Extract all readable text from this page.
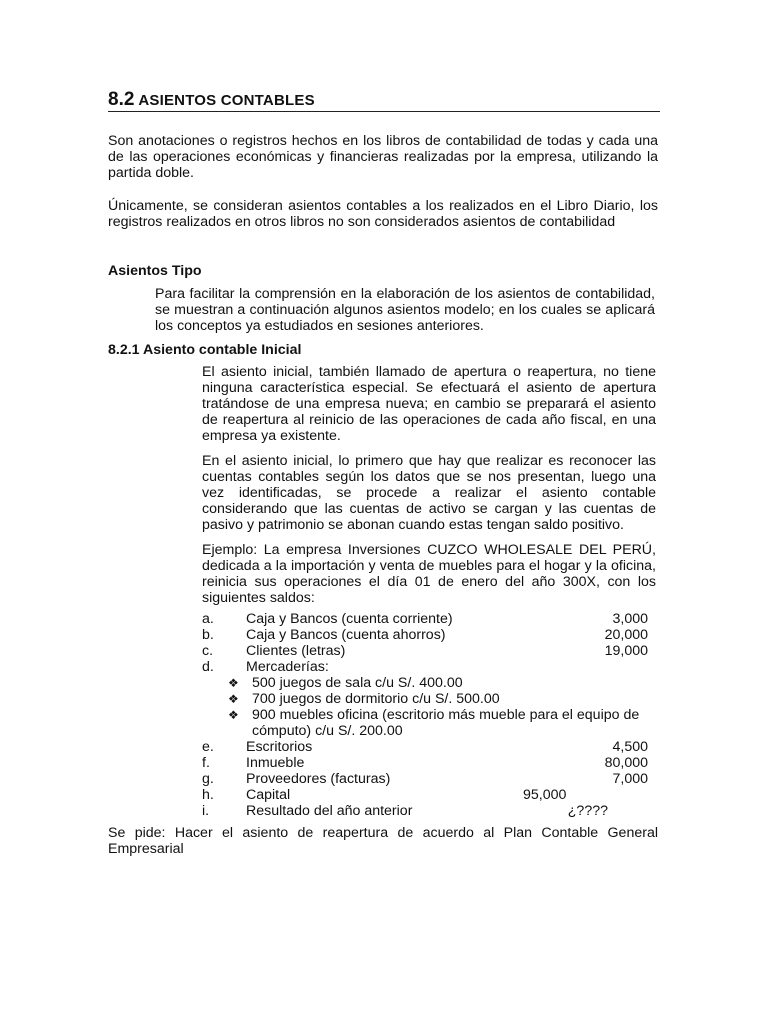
8.2 ASIENTOS CONTABLES
Son anotaciones o registros hechos en los libros de contabilidad de todas y cada una de las operaciones económicas y financieras realizadas por la empresa, utilizando la partida doble.
Únicamente, se consideran asientos contables a los realizados en el Libro Diario, los registros realizados en otros libros no son considerados asientos de contabilidad
Asientos Tipo
Para facilitar la comprensión en la elaboración de los asientos de contabilidad, se muestran a continuación algunos asientos modelo; en los cuales se aplicará los conceptos ya estudiados en sesiones anteriores.
8.2.1 Asiento contable Inicial
El asiento inicial, también llamado de apertura o reapertura, no tiene ninguna característica especial. Se efectuará el asiento de apertura tratándose de una empresa nueva; en cambio se preparará el asiento de reapertura al reinicio de las operaciones de cada año fiscal, en una empresa ya existente.
En el asiento inicial, lo primero que hay que realizar es reconocer las cuentas contables según los datos que se nos presentan, luego una vez identificadas, se procede a realizar el asiento contable considerando que las cuentas de activo se cargan y las cuentas de pasivo y patrimonio se abonan cuando estas tengan saldo positivo.
Ejemplo: La empresa Inversiones CUZCO WHOLESALE DEL PERÚ, dedicada a la importación y venta de muebles para el hogar y la oficina, reinicia sus operaciones el día 01 de enero del año 300X, con los siguientes saldos:
a. Caja y Bancos (cuenta corriente)	3,000
b. Caja y Bancos (cuenta ahorros)	20,000
c. Clientes (letras)	19,000
d. Mercaderías:
❖ 500 juegos de sala c/u S/. 400.00
❖ 700 juegos de dormitorio c/u S/. 500.00
❖ 900 muebles oficina (escritorio más mueble para el equipo de cómputo) c/u S/. 200.00
e. Escritorios	4,500
f.	Inmueble	80,000
g. Proveedores (facturas)	7,000
h. Capital	95,000
i.	Resultado del año anterior	¿????
Se pide: Hacer el asiento de reapertura de acuerdo al Plan Contable General Empresarial
